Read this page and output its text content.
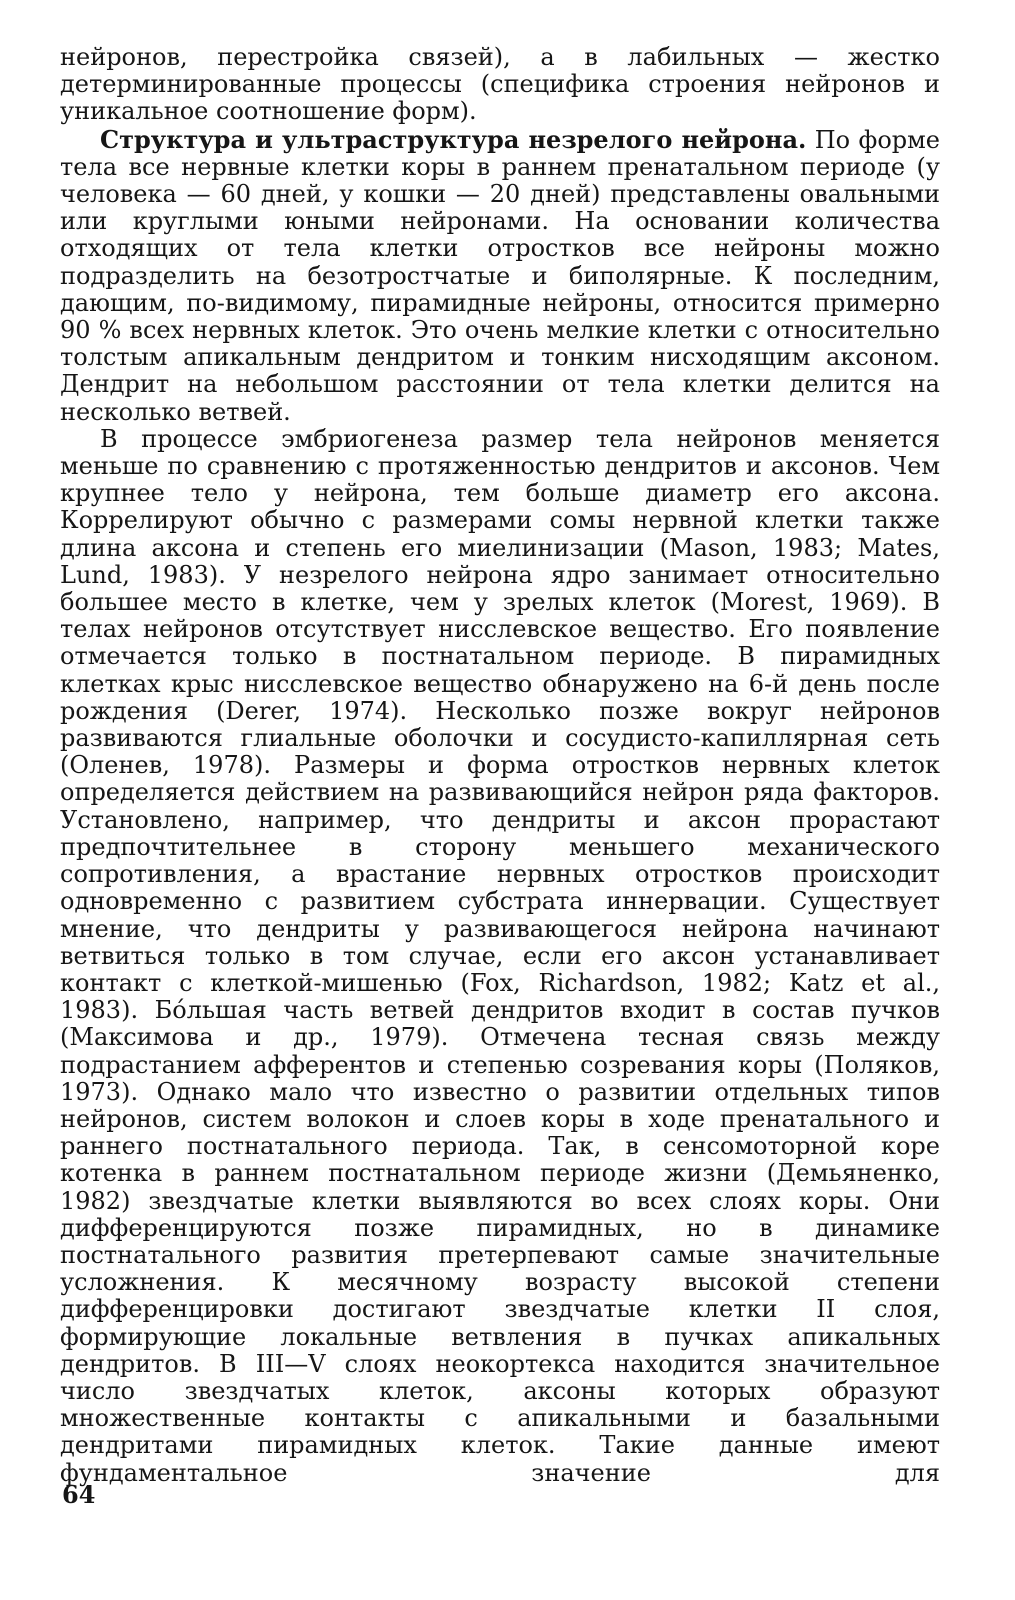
нейронов, перестройка связей), а в лабильных — жестко детерминированные процессы (специфика строения нейронов и уникальное соотношение форм).

Структура и ультраструктура незрелого нейрона. По форме тела все нервные клетки коры в раннем пренатальном периоде (у человека — 60 дней, у кошки — 20 дней) представлены овальными или круглыми юными нейронами. На основании количества отходящих от тела клетки отростков все нейроны можно подразделить на безотростчатые и биполярные. К последним, дающим, по-видимому, пирамидные нейроны, относится примерно 90 % всех нервных клеток. Это очень мелкие клетки с относительно толстым апикальным дендритом и тонким нисходящим аксоном. Дендрит на небольшом расстоянии от тела клетки делится на несколько ветвей.

В процессе эмбриогенеза размер тела нейронов меняется меньше по сравнению с протяженностью дендритов и аксонов. Чем крупнее тело у нейрона, тем больше диаметр его аксона. Коррелируют обычно с размерами сомы нервной клетки также длина аксона и степень его миелинизации (Mason, 1983; Mates, Lund, 1983). У незрелого нейрона ядро занимает относительно большее место в клетке, чем у зрелых клеток (Morest, 1969). В телах нейронов отсутствует нисслевское вещество. Его появление отмечается только в постнатальном периоде. В пирамидных клетках крыс нисслевское вещество обнаружено на 6-й день после рождения (Derer, 1974). Несколько позже вокруг нейронов развиваются глиальные оболочки и сосудисто-капиллярная сеть (Оленев, 1978). Размеры и форма отростков нервных клеток определяется действием на развивающийся нейрон ряда факторов. Установлено, например, что дендриты и аксон прорастают предпочтительнее в сторону меньшего механического сопротивления, а врастание нервных отростков происходит одновременно с развитием субстрата иннервации. Существует мнение, что дендриты у развивающегося нейрона начинают ветвиться только в том случае, если его аксон устанавливает контакт с клеткой-мишенью (Fox, Richardson, 1982; Katz et al., 1983). Бо́льшая часть ветвей дендритов входит в состав пучков (Максимова и др., 1979). Отмечена тесная связь между подрастанием афферентов и степенью созревания коры (Поляков, 1973). Однако мало что известно о развитии отдельных типов нейронов, систем волокон и слоев коры в ходе пренатального и раннего постнатального периода. Так, в сенсомоторной коре котенка в раннем постнатальном периоде жизни (Демьяненко, 1982) звездчатые клетки выявляются во всех слоях коры. Они дифференцируются позже пирамидных, но в динамике постнатального развития претерпевают самые значительные усложнения. К месячному возрасту высокой степени дифференцировки достигают звездчатые клетки II слоя, формирующие локальные ветвления в пучках апикальных дендритов. В III—V слоях неокортекса находится значительное число звездчатых клеток, аксоны которых образуют множественные контакты с апикальными и базальными дендритами пирамидных клеток. Такие данные имеют фундаментальное значение для

64
